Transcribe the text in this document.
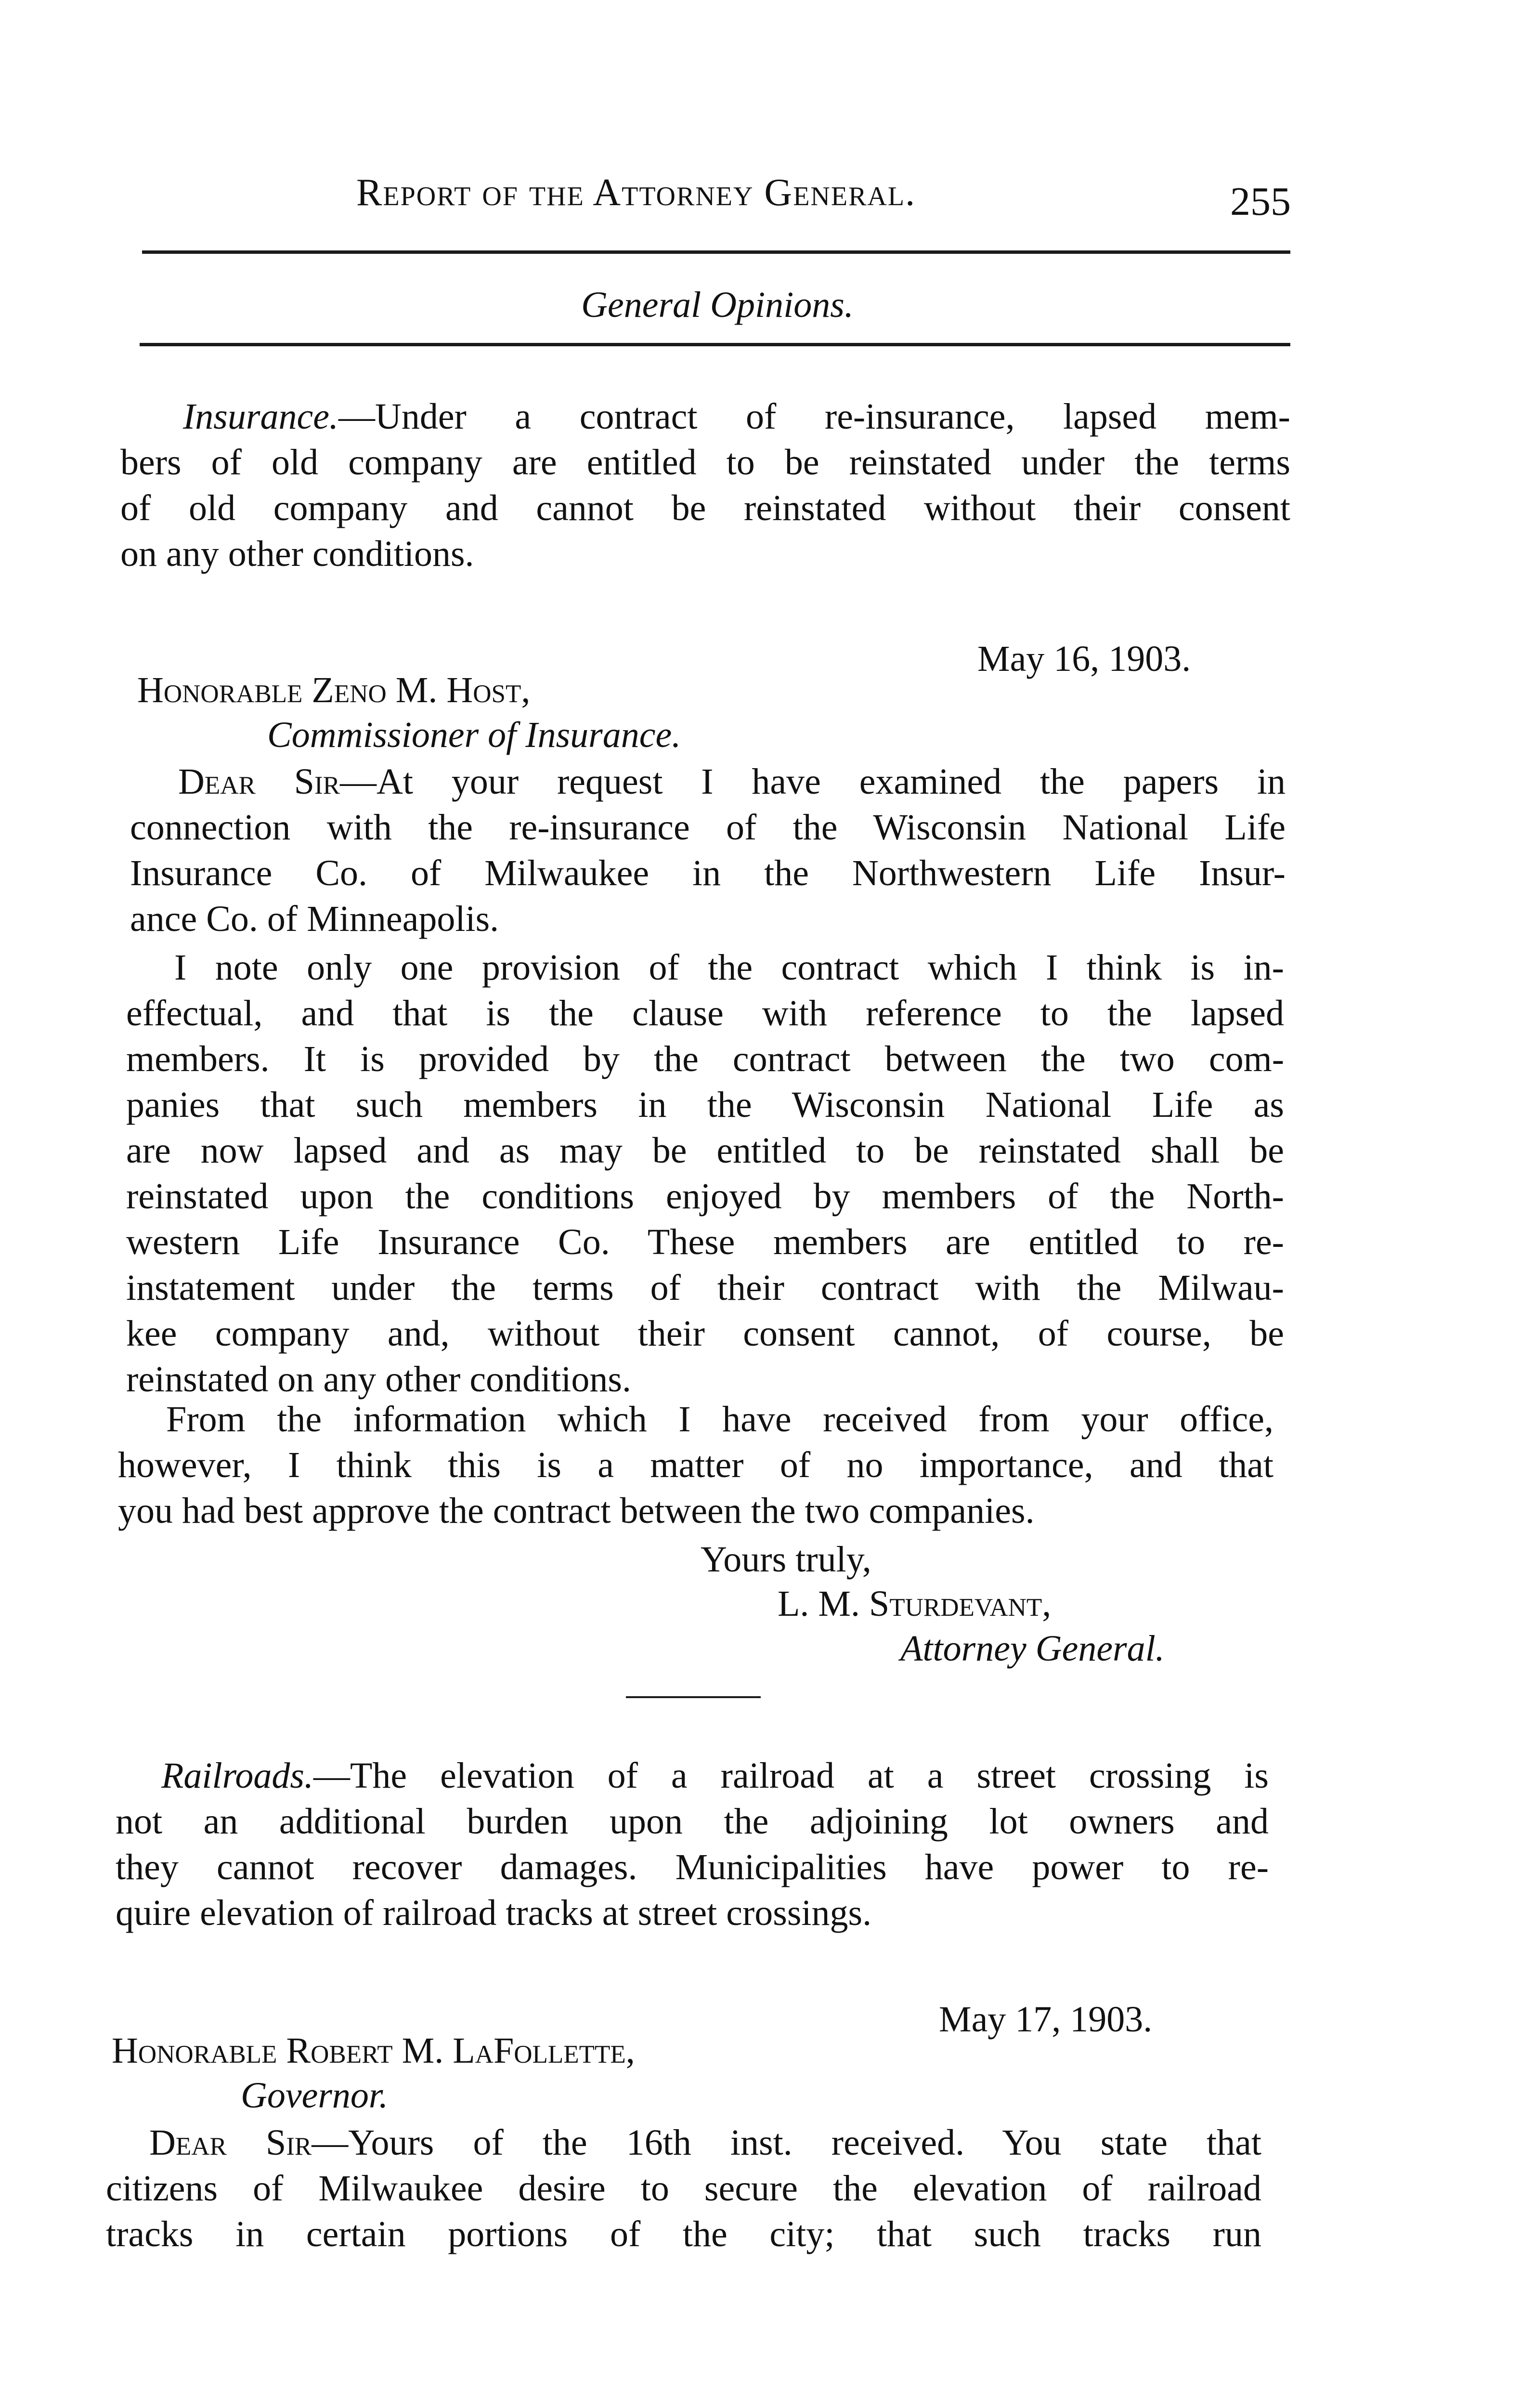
Report of the Attorney General.	255
General Opinions.
Insurance.—Under a contract of re-insurance, lapsed mem-
bers of old company are entitled to be reinstated under the terms
of old company and cannot be reinstated without their consent
on any other conditions.
May 16, 1903.
Honorable Zeno M. Host,
Commissioner of Insurance.
Dear Sir—At your request I have examined the papers in
connection with the re-insurance of the Wisconsin National Life
Insurance Co. of Milwaukee in the Northwestern Life Insur-
ance Co. of Minneapolis.
I note only one provision of the contract which I think is in-
effectual, and that is the clause with reference to the lapsed
members. It is provided by the contract between the two com-
panies that such members in the Wisconsin National Life as
are now lapsed and as may be entitled to be reinstated shall be
reinstated upon the conditions enjoyed by members of the North-
western Life Insurance Co. These members are entitled to re-
instatement under the terms of their contract with the Milwau-
kee company and, without their consent cannot, of course, be
reinstated on any other conditions.
From the information which I have received from your office,
however, I think this is a matter of no importance, and that
you had best approve the contract between the two companies.
Yours truly,
L. M. Sturdevant,
Attorney General.
Railroads.—The elevation of a railroad at a street crossing is
not an additional burden upon the adjoining lot owners and
they cannot recover damages. Municipalities have power to re-
quire elevation of railroad tracks at street crossings.
May 17, 1903.
Honorable Robert M. LaFollette,
Governor.
Dear Sir—Yours of the 16th inst. received. You state that
citizens of Milwaukee desire to secure the elevation of railroad
tracks in certain portions of the city; that such tracks run
